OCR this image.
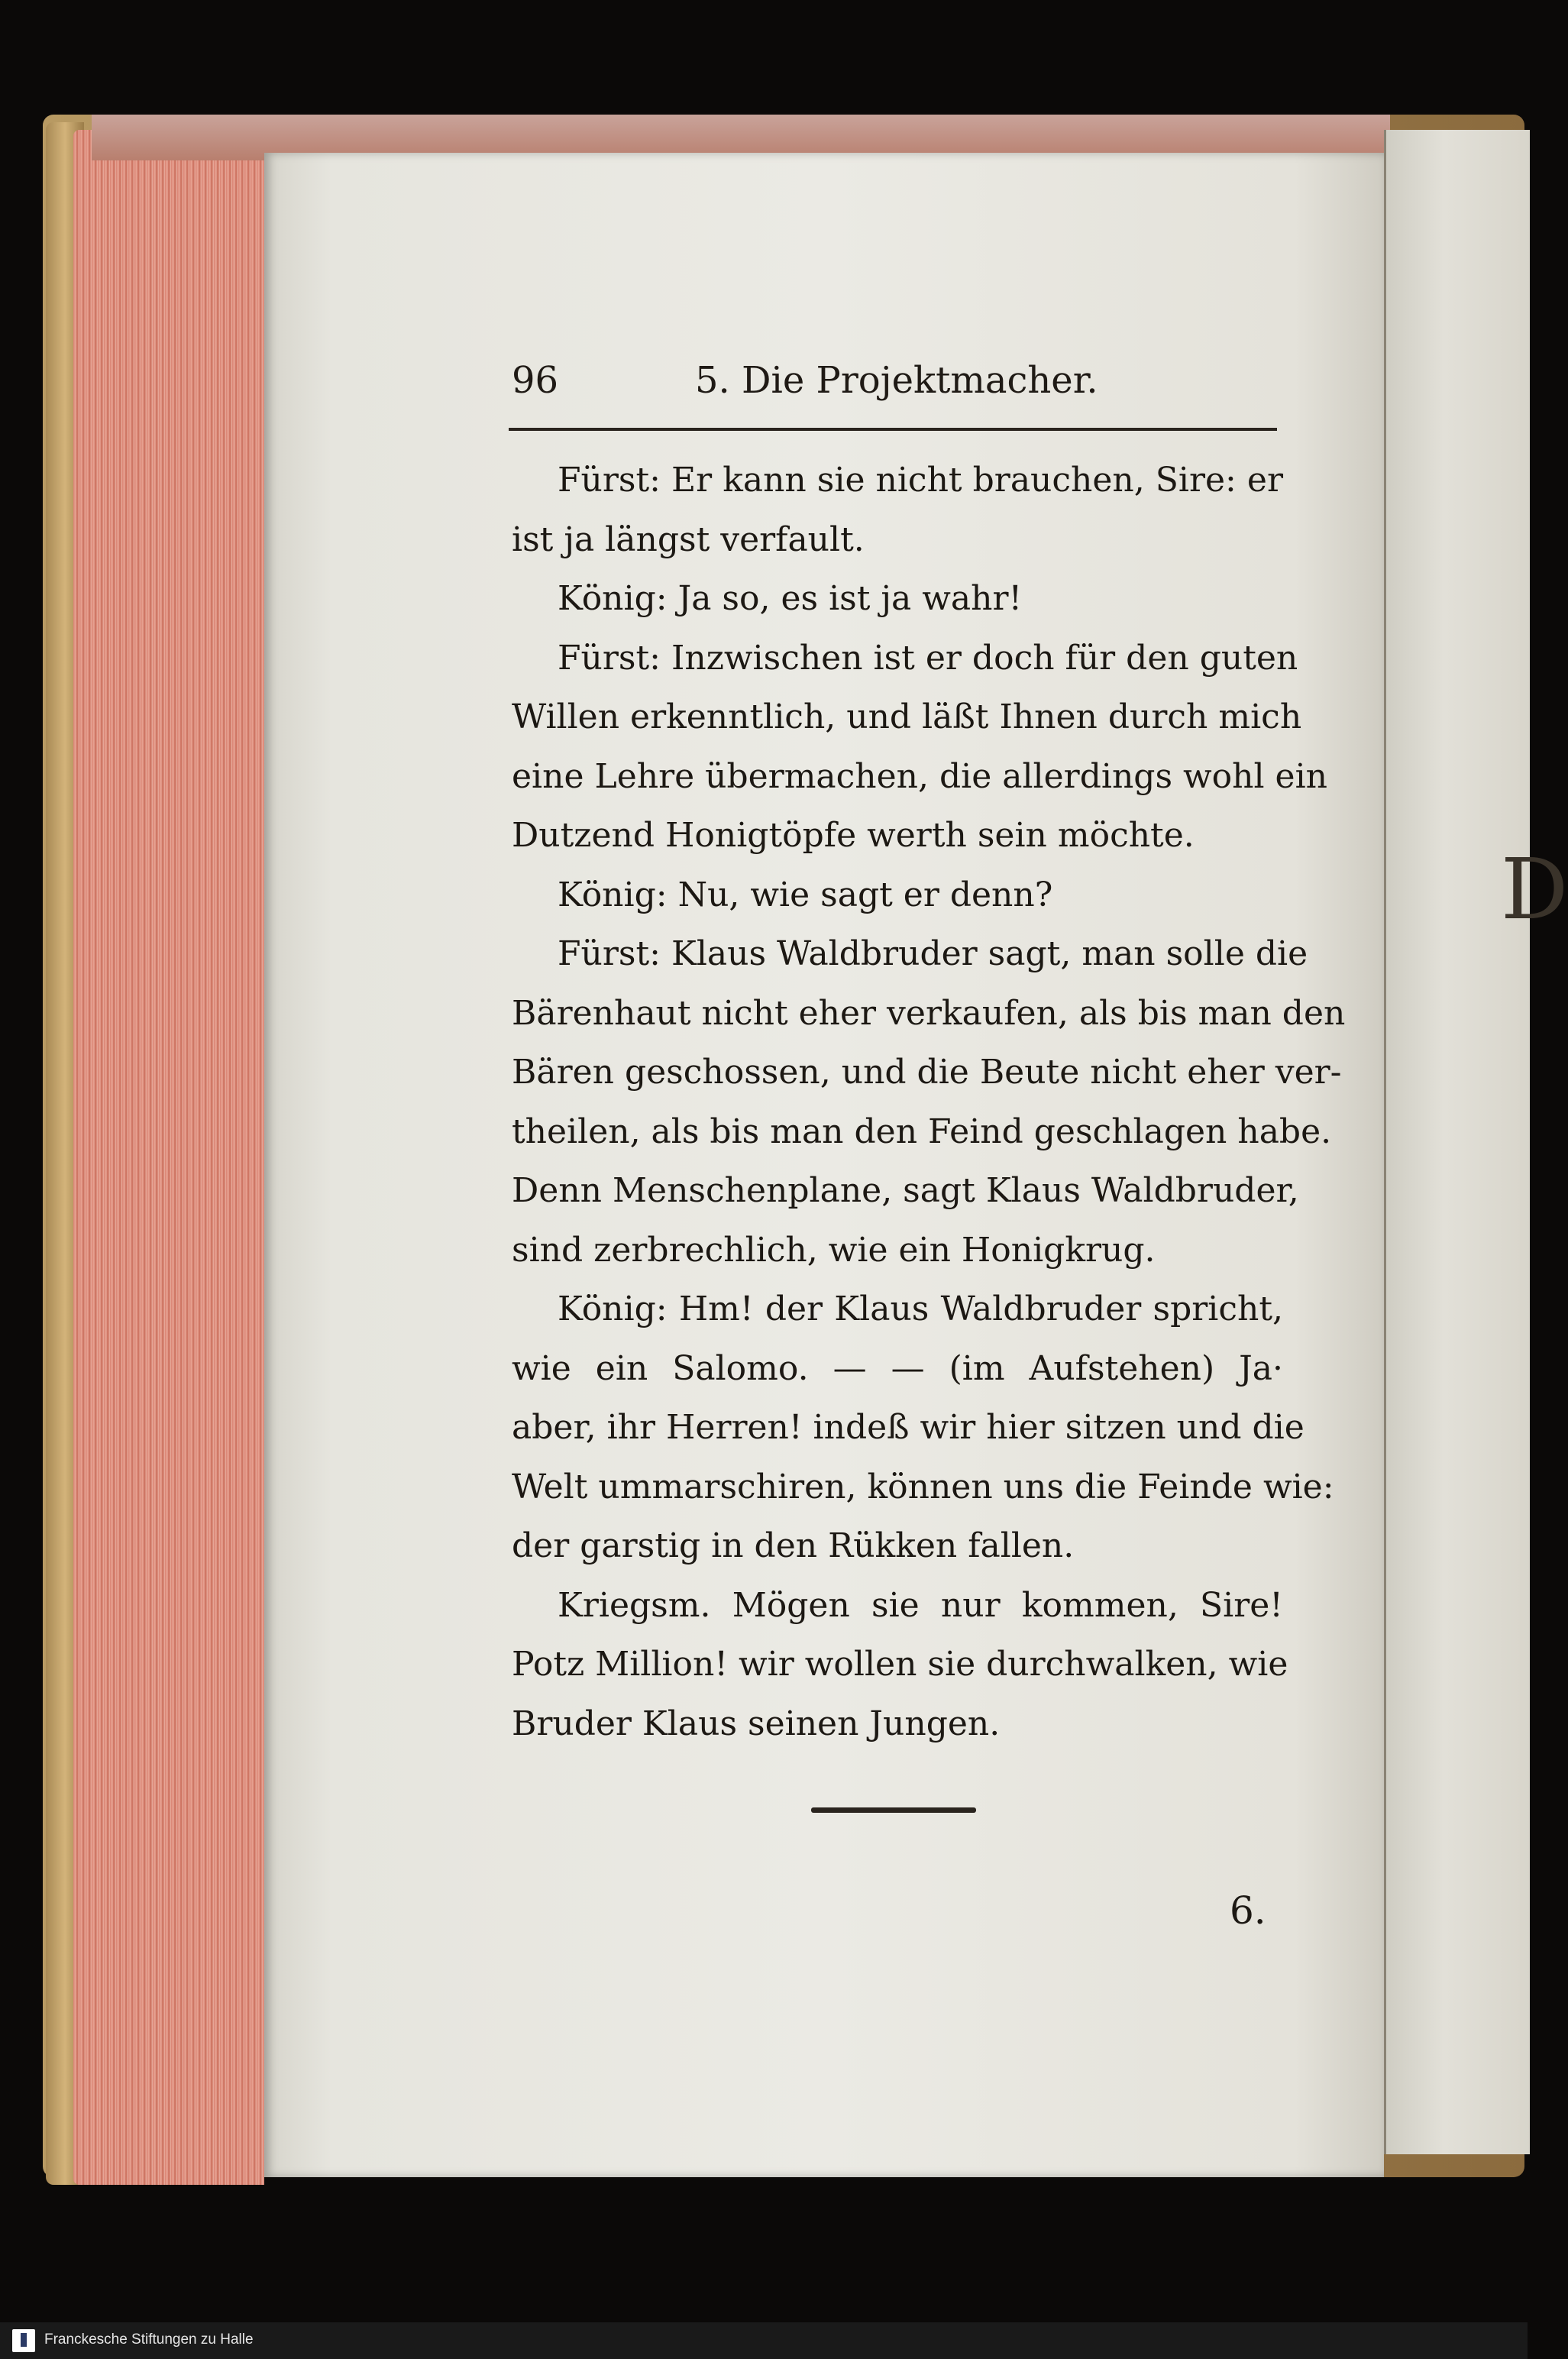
D
96	5. Die Projektmacher.
Fürst: Er kann sie nicht brauchen, Sire: er
ist ja längst verfault.
König: Ja so, es ist ja wahr!
Fürst: Inzwischen ist er doch für den guten
Willen erkenntlich, und läßt Ihnen durch mich
eine Lehre übermachen, die allerdings wohl ein
Dutzend Honigtöpfe werth sein möchte.
König: Nu, wie sagt er denn?
Fürst: Klaus Waldbruder sagt, man solle die
Bärenhaut nicht eher verkaufen, als bis man den
Bären geschossen, und die Beute nicht eher ver-
theilen, als bis man den Feind geschlagen habe.
Denn Menschenplane, sagt Klaus Waldbruder,
sind zerbrechlich, wie ein Honigkrug.
König: Hm! der Klaus Waldbruder spricht,
wie ein Salomo. — — (im Aufstehen) Ja·
aber, ihr Herren! indeß wir hier sitzen und die
Welt ummarschiren, können uns die Feinde wie:
der garstig in den Rükken fallen.
Kriegsm. Mögen sie nur kommen, Sire!
Potz Million! wir wollen sie durchwalken, wie
Bruder Klaus seinen Jungen.
6.
Franckesche Stiftungen zu Halle
